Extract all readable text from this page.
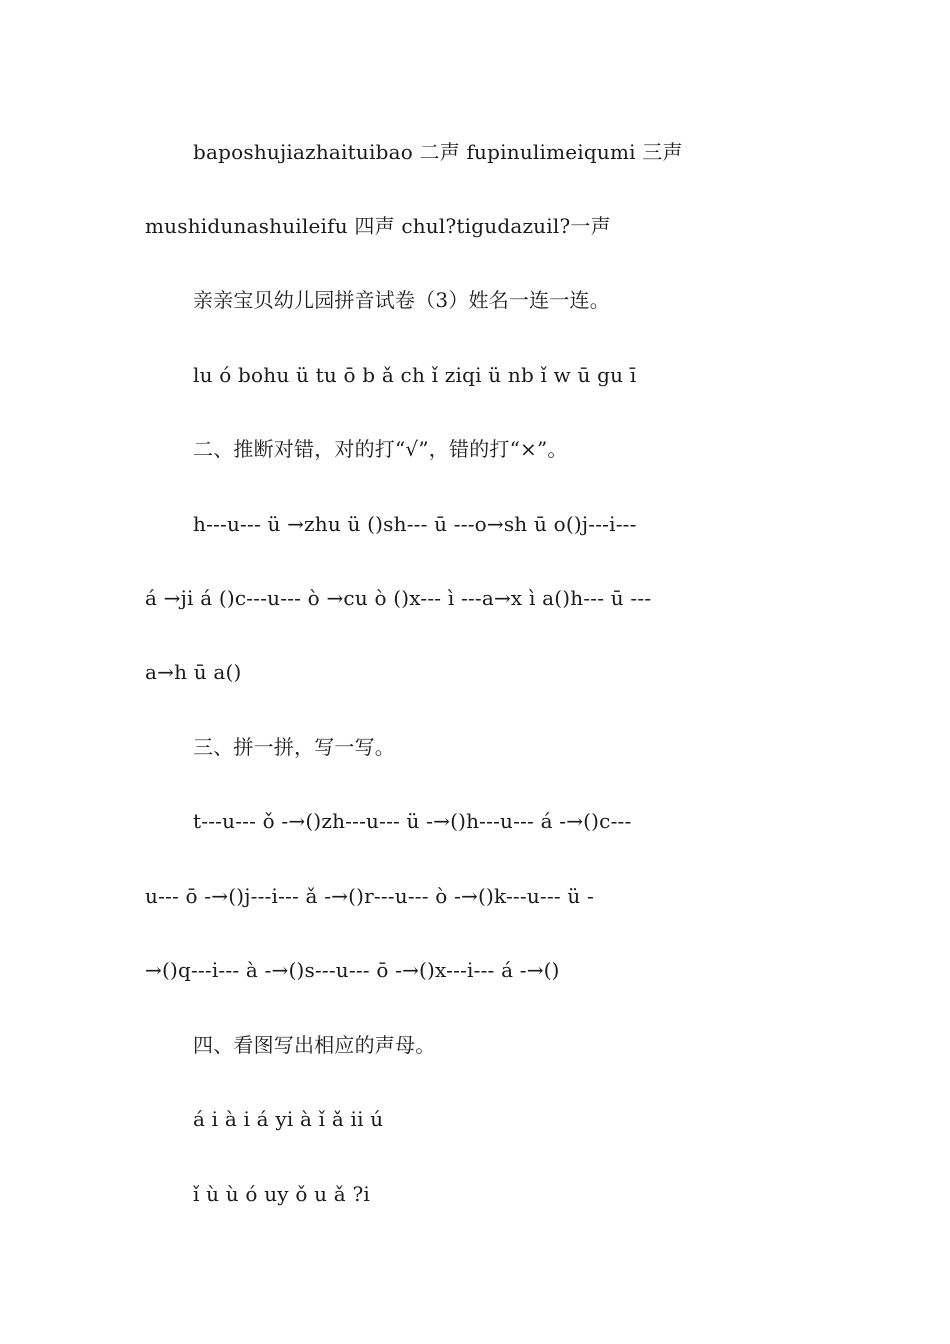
baposhujiazhaituibao 二声 fupinulimeiqumi 三声
mushidunashuileifu 四声 chul?tigudazuil?一声
亲亲宝贝幼儿园拼音试卷（3）姓名一连一连。
lu ó bohu ü tu ō b ǎ ch ǐ ziqi ü nb ǐ w ū gu ī
二、推断对错，对的打“√”，错的打“×”。
h---u--- ü →zhu ü ()sh--- ū ---o→sh ū o()j---i---
á →ji á ()c---u--- ò →cu ò ()x--- ì ---a→x ì a()h--- ū ---
a→h ū a()
三、拼一拼，写一写。
t---u--- ǒ -→()zh---u--- ü -→()h---u--- á -→()c---
u--- ō -→()j---i--- ǎ -→()r---u--- ò -→()k---u--- ü -
→()q---i--- à -→()s---u--- ō -→()x---i--- á -→()
四、看图写出相应的声母。
á i à i á yi à ǐ ǎ ii ú
ǐ ù ù ó uy ǒ u ǎ ?i
